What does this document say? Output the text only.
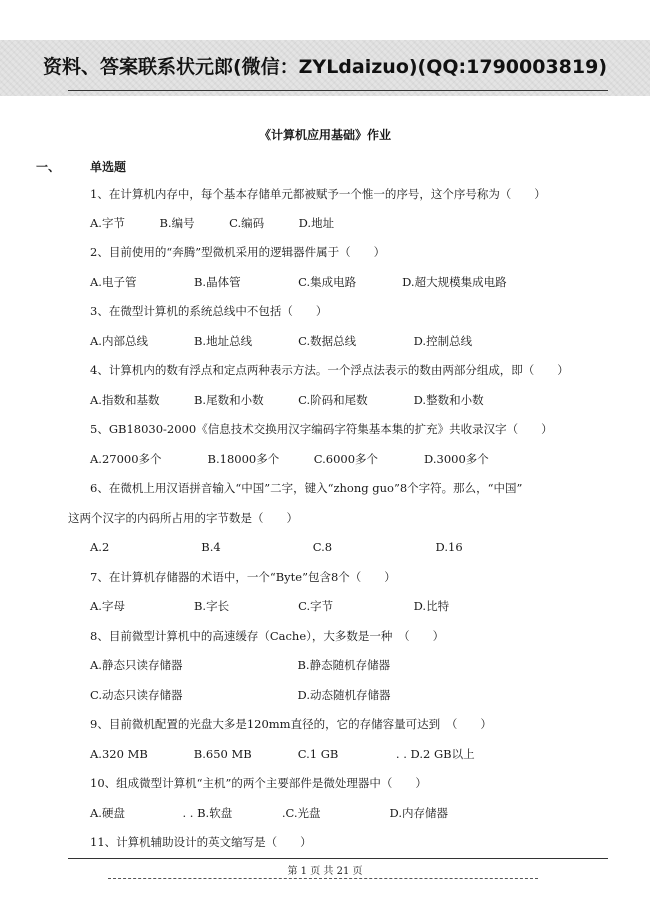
资料、答案联系状元郎(微信：ZYLdaizuo)(QQ:1790003819)
《计算机应用基础》作业
一、 单选题
1、在计算机内存中，每个基本存储单元都被赋予一个惟一的序号，这个序号称为（　　）
A.字节　　　B.编号　　　C.编码　　　D.地址
2、目前使用的“奔腾”型微机采用的逻辑器件属于（　　）
A.电子管　　　　　B.晶体管　　　　　C.集成电路　　　　D.超大规模集成电路
3、在微型计算机的系统总线中不包括（　　）
A.内部总线　　　　B.地址总线　　　　C.数据总线　　　　　D.控制总线
4、计算机内的数有浮点和定点两种表示方法。一个浮点法表示的数由两部分组成，即（　　）
A.指数和基数　　　B.尾数和小数　　　C.阶码和尾数　　　　D.整数和小数
5、GB18030-2000《信息技术交换用汉字编码字符集基本集的扩充》共收录汉字（　　）
A.27000多个　　　　B.18000多个　　　C.6000多个　　　　D.3000多个
6、在微机上用汉语拼音输入“中国”二字，键入“zhong guo”8个字符。那么，“中国”
这两个汉字的内码所占用的字节数是（　　）
A.2　　　　　　　　B.4　　　　　　　　C.8　　　　　　　　　D.16
7、在计算机存储器的术语中，一个“Byte”包含8个（　　）
A.字母　　　　　　B.字长　　　　　　C.字节　　　　　　　D.比特
8、目前微型计算机中的高速缓存（Cache），大多数是一种　（　　）
A.静态只读存储器　　　　　　　　　　B.静态随机存储器
C.动态只读存储器　　　　　　　　　　D.动态随机存储器
9、目前微机配置的光盘大多是120mm直径的，它的存储容量可达到　（　　）
A.320 MB　　　　B.650 MB　　　　C.1 GB　　　　　. . D.2 GB以上
10、组成微型计算机“主机”的两个主要部件是微处理器中（　　）
A.硬盘　　　　　. . B.软盘　　　　 .C.光盘　　　　　　D.内存储器
11、计算机辅助设计的英文缩写是（　　）
第 1 页 共 21 页
